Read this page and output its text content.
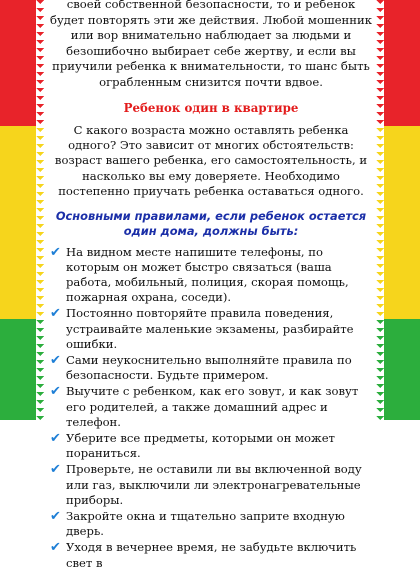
своей собственной безопасности, то и ребенок будет повторять эти же действия. Любой мошенник или вор внимательно наблюдает за людьми и безошибочно выбирает себе жертву, и если вы приучили ребенка к внимательности, то шанс быть ограбленным снизится почти вдвое.

Ребенок один в квартире

С какого возраста можно оставлять ребенка одного? Это зависит от многих обстоятельств: возраст вашего ребенка, его самостоятельность, и насколько вы ему доверяете. Необходимо постепенно приучать ребенка оставаться одного.

Основными правилами, если ребенок остается один дома, должны быть:
✔ На видном месте напишите телефоны, по которым он может быстро связаться (ваша работа, мобильный, полиция, скорая помощь, пожарная охрана, соседи).
✔ Постоянно повторяйте правила поведения, устраивайте маленькие экзамены, разбирайте ошибки.
✔ Сами неукоснительно выполняйте правила по безопасности. Будьте примером.
✔ Выучите с ребенком, как его зовут, и как зовут его родителей, а также домашний адрес и телефон.
✔ Уберите все предметы, которыми он может пораниться.
✔ Проверьте, не оставили ли вы включенной воду или газ, выключили ли электронагревательные приборы.
✔ Закройте окна и тщательно заприте входную дверь.
✔ Уходя в вечернее время, не забудьте включить свет в
